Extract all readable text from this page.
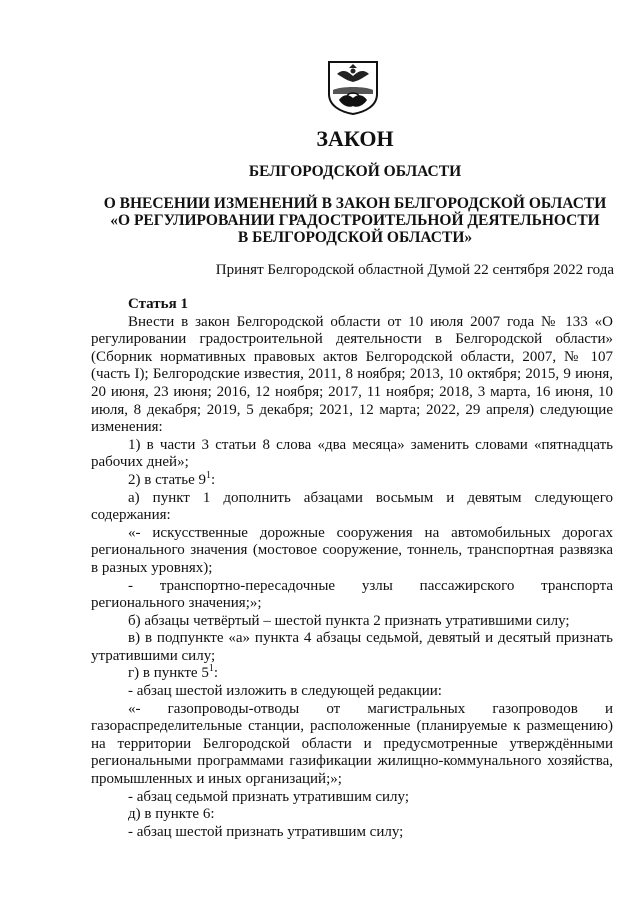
ЗАКОН
БЕЛГОРОДСКОЙ ОБЛАСТИ
О ВНЕСЕНИИ ИЗМЕНЕНИЙ В ЗАКОН БЕЛГОРОДСКОЙ ОБЛАСТИ
«О РЕГУЛИРОВАНИИ ГРАДОСТРОИТЕЛЬНОЙ ДЕЯТЕЛЬНОСТИ
В БЕЛГОРОДСКОЙ ОБЛАСТИ»
Принят Белгородской областной Думой 22 сентября 2022 года

Статья 1

Внести в закон Белгородской области от 10 июля 2007 года № 133 «О регулировании градостроительной деятельности в Белгородской области» (Сборник нормативных правовых актов Белгородской области, 2007, № 107 (часть I); Белгородские известия, 2011, 8 ноября; 2013, 10 октября; 2015, 9 июня, 20 июня, 23 июня; 2016, 12 ноября; 2017, 11 ноября; 2018, 3 марта, 16 июня, 10 июля, 8 декабря; 2019, 5 декабря; 2021, 12 марта; 2022, 29 апреля) следующие изменения:

1) в части 3 статьи 8 слова «два месяца» заменить словами «пятнадцать рабочих дней»;

2) в статье $9^1$:

а) пункт 1 дополнить абзацами восьмым и девятым следующего содержания:

«- искусственные дорожные сооружения на автомобильных дорогах регионального значения (мостовое сооружение, тоннель, транспортная развязка в разных уровнях);

- транспортно-пересадочные узлы пассажирского транспорта регионального значения;»;

б) абзацы четвёртый – шестой пункта 2 признать утратившими силу;

в) в подпункте «а» пункта 4 абзацы седьмой, девятый и десятый признать утратившими силу;

г) в пункте $5^1$:

- абзац шестой изложить в следующей редакции:

«- газопроводы-отводы от магистральных газопроводов и газораспределительные станции, расположенные (планируемые к размещению) на территории Белгородской области и предусмотренные утверждёнными региональными программами газификации жилищно-коммунального хозяйства, промышленных и иных организаций;»;

- абзац седьмой признать утратившим силу;

д) в пункте 6:

- абзац шестой признать утратившим силу;
